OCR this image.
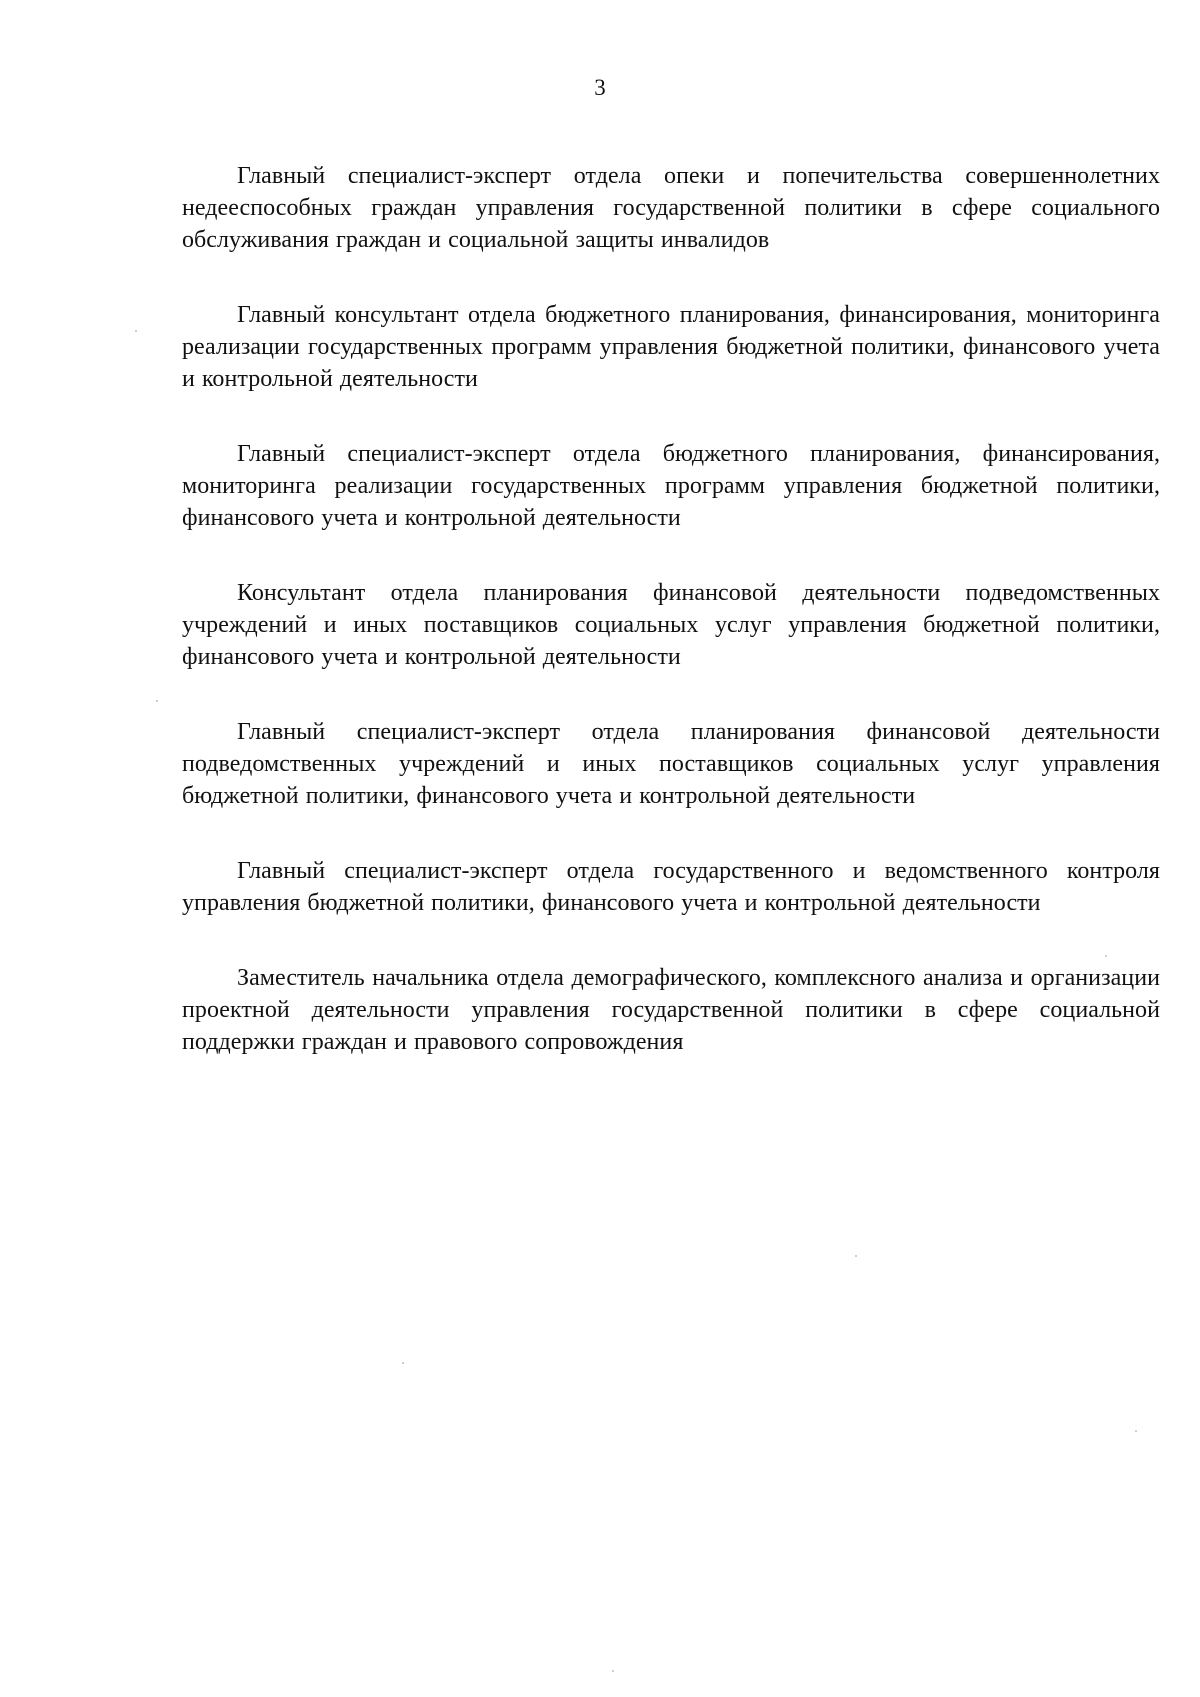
3

Главный специалист-эксперт отдела опеки и попечительства совершеннолетних недееспособных граждан управления государственной политики в сфере социального обслуживания граждан и социальной защиты инвалидов

Главный консультант отдела бюджетного планирования, финансирования, мониторинга реализации государственных программ управления бюджетной политики, финансового учета и контрольной деятельности

Главный специалист-эксперт отдела бюджетного планирования, финансирования, мониторинга реализации государственных программ управления бюджетной политики, финансового учета и контрольной деятельности

Консультант отдела планирования финансовой деятельности подведомственных учреждений и иных поставщиков социальных услуг управления бюджетной политики, финансового учета и контрольной деятельности

Главный специалист-эксперт отдела планирования финансовой деятельности подведомственных учреждений и иных поставщиков социальных услуг управления бюджетной политики, финансового учета и контрольной деятельности

Главный специалист-эксперт отдела государственного и ведомственного контроля управления бюджетной политики, финансового учета и контрольной деятельности

Заместитель начальника отдела демографического, комплексного анализа и организации проектной деятельности управления государственной политики в сфере социальной поддержки граждан и правового сопровождения
